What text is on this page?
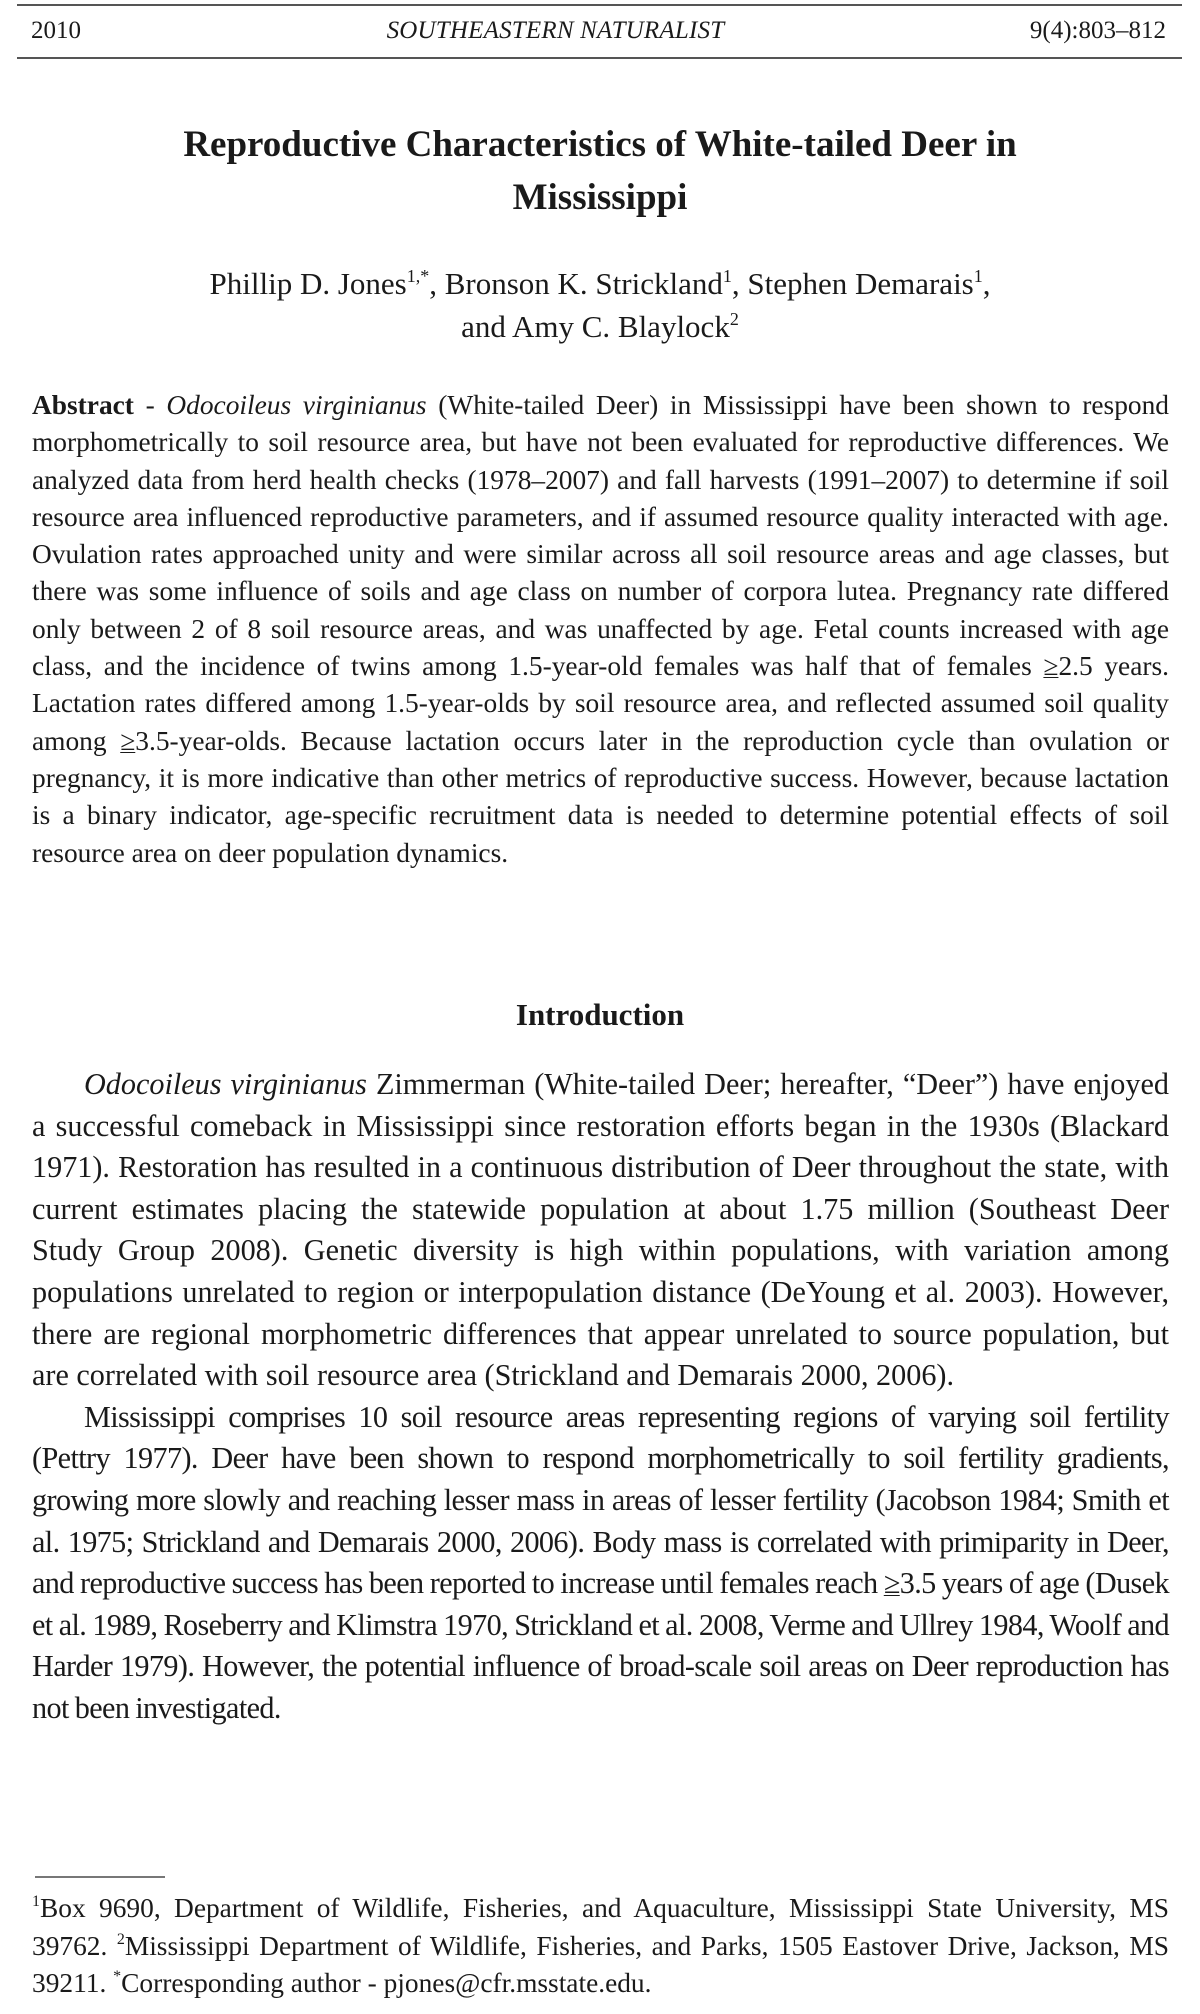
2010	SOUTHEASTERN NATURALIST	9(4):803–812
Reproductive Characteristics of White-tailed Deer in
Mississippi
Phillip D. Jones$^{1,*}$, Bronson K. Strickland$^1$, Stephen Demarais$^1$,
and Amy C. Blaylock$^2$

Abstract - Odocoileus virginianus (White-tailed Deer) in Mississippi have been shown to respond morphometrically to soil resource area, but have not been evaluated for reproductive differences. We analyzed data from herd health checks (1978–2007) and fall harvests (1991–2007) to determine if soil resource area influenced reproductive parameters, and if assumed resource quality interacted with age. Ovulation rates approached unity and were similar across all soil resource areas and age classes, but there was some influence of soils and age class on number of corpora lutea. Pregnancy rate differed only between 2 of 8 soil resource areas, and was unaffected by age. Fetal counts increased with age class, and the incidence of twins among 1.5-year-old females was half that of females ≥2.5 years. Lactation rates differed among 1.5-year-olds by soil resource area, and reflected assumed soil quality among ≥3.5-year-olds. Because lactation occurs later in the reproduction cycle than ovulation or pregnancy, it is more indicative than other metrics of reproductive success. However, because lactation is a binary indicator, age-specific recruitment data is needed to determine potential effects of soil resource area on deer population dynamics.

Introduction

Odocoileus virginianus Zimmerman (White-tailed Deer; hereafter, “Deer”) have enjoyed a successful comeback in Mississippi since restoration efforts began in the 1930s (Blackard 1971). Restoration has resulted in a continuous distribution of Deer throughout the state, with current estimates placing the statewide population at about 1.75 million (Southeast Deer Study Group 2008). Genetic diversity is high within populations, with variation among populations unrelated to region or interpopulation distance (DeYoung et al. 2003). However, there are regional morphometric differences that appear unrelated to source population, but are correlated with soil resource area (Strickland and Demarais 2000, 2006).

Mississippi comprises 10 soil resource areas representing regions of varying soil fertility (Pettry 1977). Deer have been shown to respond morphometrically to soil fertility gradients, growing more slowly and reaching lesser mass in areas of lesser fertility (Jacobson 1984; Smith et al. 1975; Strickland and Demarais 2000, 2006). Body mass is correlated with primiparity in Deer, and reproductive success has been reported to increase until females reach ≥3.5 years of age (Dusek et al. 1989, Roseberry and Klimstra 1970, Strickland et al. 2008, Verme and Ullrey 1984, Woolf and Harder 1979). However, the potential influence of broad-scale soil areas on Deer reproduction has not been investigated.

$^1$Box 9690, Department of Wildlife, Fisheries, and Aquaculture, Mississippi State University, MS 39762. $^2$Mississippi Department of Wildlife, Fisheries, and Parks, 1505 Eastover Drive, Jackson, MS 39211. *Corresponding author - pjones@cfr.msstate.edu.
